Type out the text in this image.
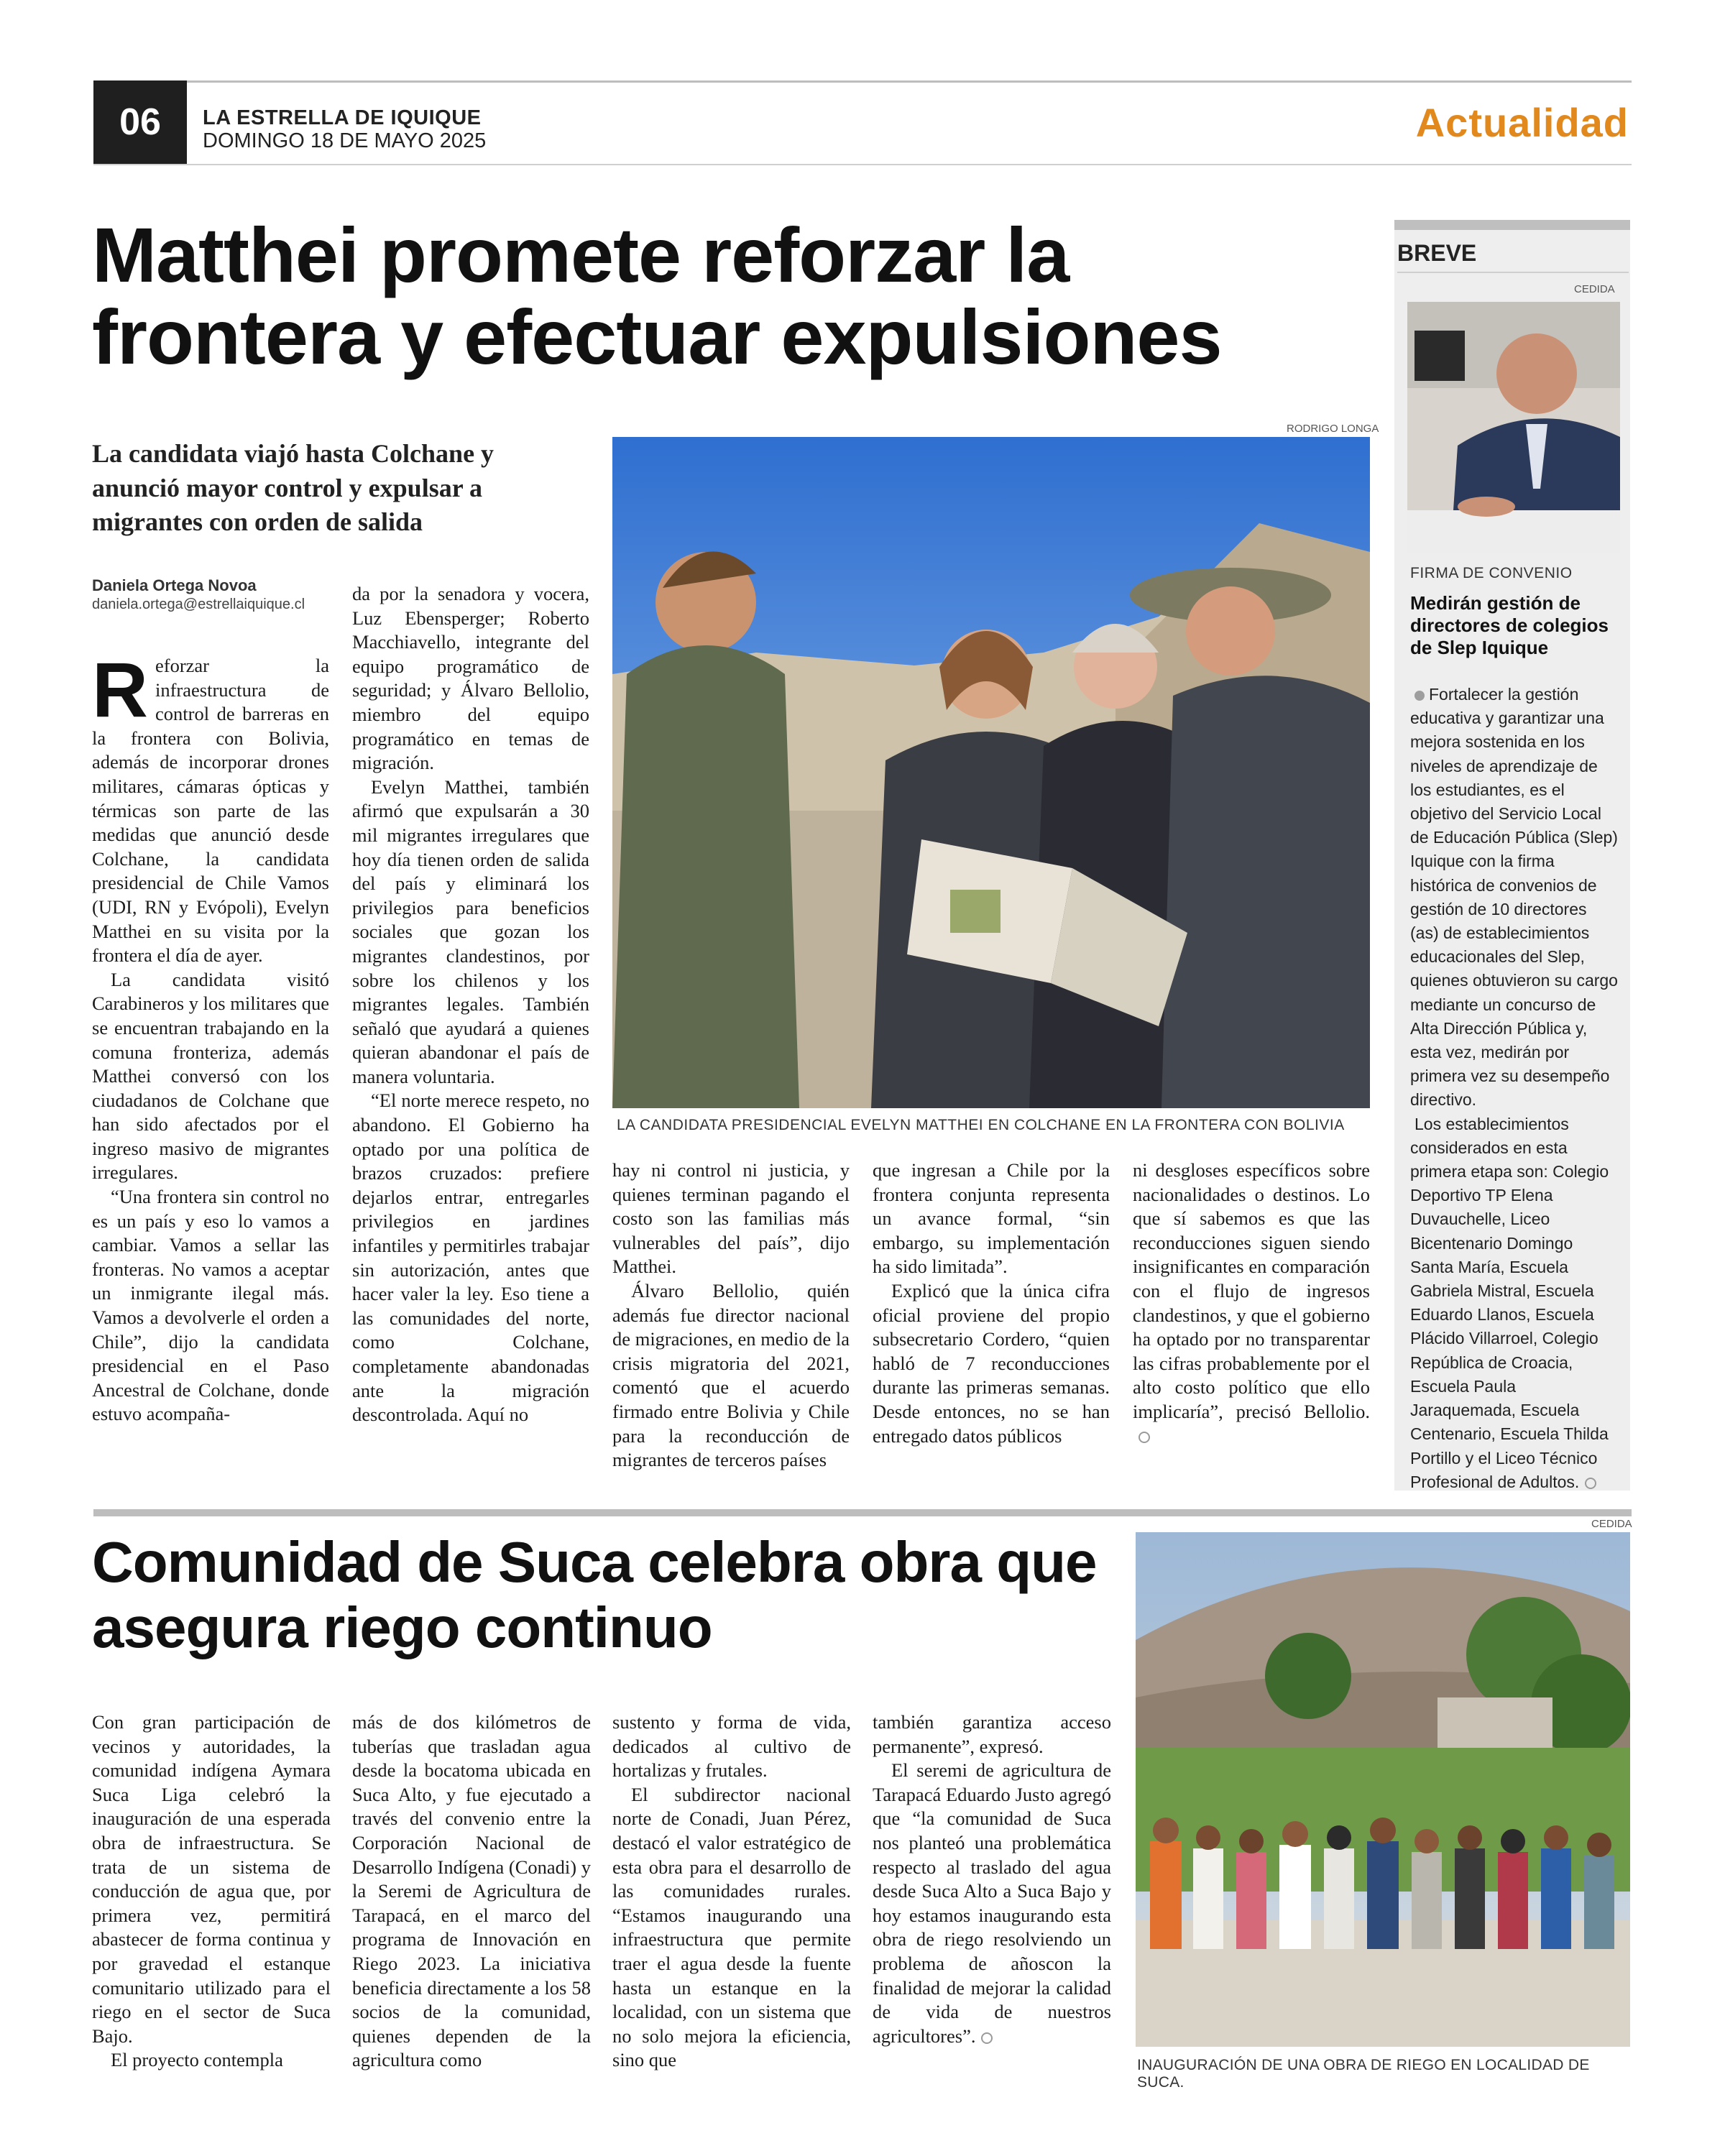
06	LA ESTRELLA DE IQUIQUE
DOMINGO 18 DE MAYO 2025	Actualidad
Matthei promete reforzar la frontera y efectuar expulsiones
La candidata viajó hasta Colchane y anunció mayor control y expulsar a migrantes con orden de salida
Daniela Ortega Novoa
daniela.ortega@estrellaiquique.cl

Reforzar la infraestructura de control de barreras en la frontera con Bolivia, además de incorporar drones militares, cámaras ópticas y térmicas son parte de las medidas que anunció desde Colchane, la candidata presidencial de Chile Vamos (UDI, RN y Evópoli), Evelyn Matthei en su visita por la frontera el día de ayer.

La candidata visitó Carabineros y los militares que se encuentran trabajando en la comuna fronteriza, además Matthei conversó con los ciudadanos de Colchane que han sido afectados por el ingreso masivo de migrantes irregulares.

“Una frontera sin control no es un país y eso lo vamos a cambiar. Vamos a sellar las fronteras. No vamos a aceptar un inmigrante ilegal más. Vamos a devolverle el orden a Chile”, dijo la candidata presidencial en el Paso Ancestral de Colchane, donde estuvo acompaña-

da por la senadora y vocera, Luz Ebensperger; Roberto Macchiavello, integrante del equipo programático de seguridad; y Álvaro Bellolio, miembro del equipo programático en temas de migración.

Evelyn Matthei, también afirmó que expulsarán a 30 mil migrantes irregulares que hoy día tienen orden de salida del país y eliminará los privilegios para beneficios sociales que gozan los migrantes clandestinos, por sobre los chilenos y los migrantes legales. También señaló que ayudará a quienes quieran abandonar el país de manera voluntaria.

“El norte merece respeto, no abandono. El Gobierno ha optado por una política de brazos cruzados: prefiere dejarlos entrar, entregarles privilegios en jardines infantiles y permitirles trabajar sin autorización, antes que hacer valer la ley. Eso tiene a las comunidades del norte, como Colchane, completamente abandonadas ante la migración descontrolada. Aquí no

RODRIGO LONGA
LA CANDIDATA PRESIDENCIAL EVELYN MATTHEI EN COLCHANE EN LA FRONTERA CON BOLIVIA

hay ni control ni justicia, y quienes terminan pagando el costo son las familias más vulnerables del país”, dijo Matthei.

Álvaro Bellolio, quién además fue director nacional de migraciones, en medio de la crisis migratoria del 2021, comentó que el acuerdo firmado entre Bolivia y Chile para la reconducción de migrantes de terceros países

que ingresan a Chile por la frontera conjunta representa un avance formal, “sin embargo, su implementación ha sido limitada”.

Explicó que la única cifra oficial proviene del propio subsecretario Cordero, “quien habló de 7 reconducciones durante las primeras semanas. Desde entonces, no se han entregado datos públicos

ni desgloses específicos sobre nacionalidades o destinos. Lo que sí sabemos es que las reconducciones siguen siendo insignificantes en comparación con el flujo de ingresos clandestinos, y que el gobierno ha optado por no transparentar las cifras probablemente por el alto costo político que ello implicaría”, precisó Bellolio.

BREVE
CEDIDA
FIRMA DE CONVENIO
Medirán gestión de directores de colegios de Slep Iquique

Fortalecer la gestión educativa y garantizar una mejora sostenida en los niveles de aprendizaje de los estudiantes, es el objetivo del Servicio Local de Educación Pública (Slep) Iquique con la firma histórica de convenios de gestión de 10 directores (as) de establecimientos educacionales del Slep, quienes obtuvieron su cargo mediante un concurso de Alta Dirección Pública y, esta vez, medirán por primera vez su desempeño directivo.

Los establecimientos considerados en esta primera etapa son: Colegio Deportivo TP Elena Duvauchelle, Liceo Bicentenario Domingo Santa María, Escuela Gabriela Mistral, Escuela Eduardo Llanos, Escuela Plácido Villarroel, Colegio República de Croacia, Escuela Paula Jaraquemada, Escuela Centenario, Escuela Thilda Portillo y el Liceo Técnico Profesional de Adultos.

Comunidad de Suca celebra obra que asegura riego continuo
CEDIDA
INAUGURACIÓN DE UNA OBRA DE RIEGO EN LOCALIDAD DE SUCA.

Con gran participación de vecinos y autoridades, la comunidad indígena Aymara Suca Liga celebró la inauguración de una esperada obra de infraestructura. Se trata de un sistema de conducción de agua que, por primera vez, permitirá abastecer de forma continua y por gravedad el estanque comunitario utilizado para el riego en el sector de Suca Bajo.

El proyecto contempla

más de dos kilómetros de tuberías que trasladan agua desde la bocatoma ubicada en Suca Alto, y fue ejecutado a través del convenio entre la Corporación Nacional de Desarrollo Indígena (Conadi) y la Seremi de Agricultura de Tarapacá, en el marco del programa de Innovación en Riego 2023. La iniciativa beneficia directamente a los 58 socios de la comunidad, quienes dependen de la agricultura como

sustento y forma de vida, dedicados al cultivo de hortalizas y frutales.

El subdirector nacional norte de Conadi, Juan Pérez, destacó el valor estratégico de esta obra para el desarrollo de las comunidades rurales. “Estamos inaugurando una infraestructura que permite traer el agua desde la fuente hasta un estanque en la localidad, con un sistema que no solo mejora la eficiencia, sino que

también garantiza acceso permanente”, expresó.

El seremi de agricultura de Tarapacá Eduardo Justo agregó que “la comunidad de Suca nos planteó una problemática respecto al traslado del agua desde Suca Alto a Suca Bajo y hoy estamos inaugurando esta obra de riego resolviendo un problema de añoscon la finalidad de mejorar la calidad de vida de nuestros agricultores”.
